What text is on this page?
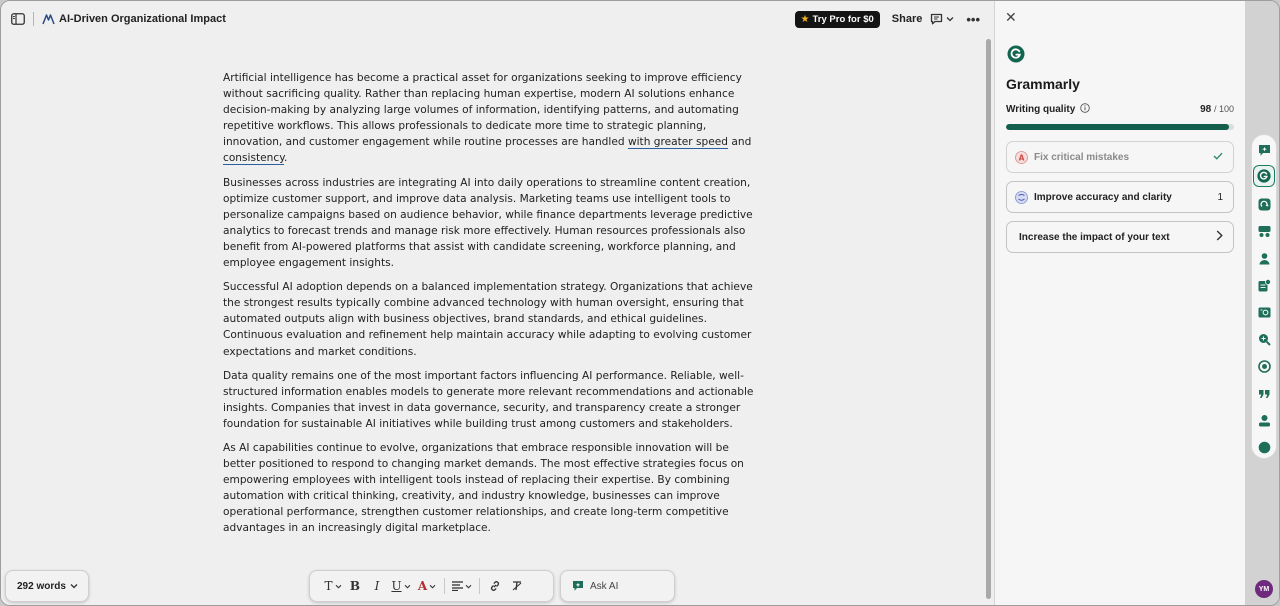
AI-Driven Organizational Impact	★ Try Pro for $0 Share	•••

Artificial intelligence has become a practical asset for organizations seeking to improve efficiency without sacrificing quality. Rather than replacing human expertise, modern AI solutions enhance decision-making by analyzing large volumes of information, identifying patterns, and automating repetitive workflows. This allows professionals to dedicate more time to strategic planning, innovation, and customer engagement while routine processes are handled with greater speed and consistency.

Businesses across industries are integrating AI into daily operations to streamline content creation, optimize customer support, and improve data analysis. Marketing teams use intelligent tools to personalize campaigns based on audience behavior, while finance departments leverage predictive analytics to forecast trends and manage risk more effectively. Human resources professionals also benefit from AI-powered platforms that assist with candidate screening, workforce planning, and employee engagement insights.

Successful AI adoption depends on a balanced implementation strategy. Organizations that achieve the strongest results typically combine advanced technology with human oversight, ensuring that automated outputs align with business objectives, brand standards, and ethical guidelines. Continuous evaluation and refinement help maintain accuracy while adapting to evolving customer expectations and market conditions.

Data quality remains one of the most important factors influencing AI performance. Reliable, well-structured information enables models to generate more relevant recommendations and actionable insights. Companies that invest in data governance, security, and transparency create a stronger foundation for sustainable AI initiatives while building trust among customers and stakeholders.

As AI capabilities continue to evolve, organizations that embrace responsible innovation will be better positioned to respond to changing market demands. The most effective strategies focus on empowering employees with intelligent tools instead of replacing their expertise. By combining automation with critical thinking, creativity, and industry knowledge, businesses can improve operational performance, strengthen customer relationships, and create long-term competitive advantages in an increasingly digital marketplace.

292 words	T	B	I	U A	Ask AI
✕
Grammarly
Writing quality	98 / 100
A Fix critical mistakes
Improve accuracy and clarity	1
Increase the impact of your text
YM
